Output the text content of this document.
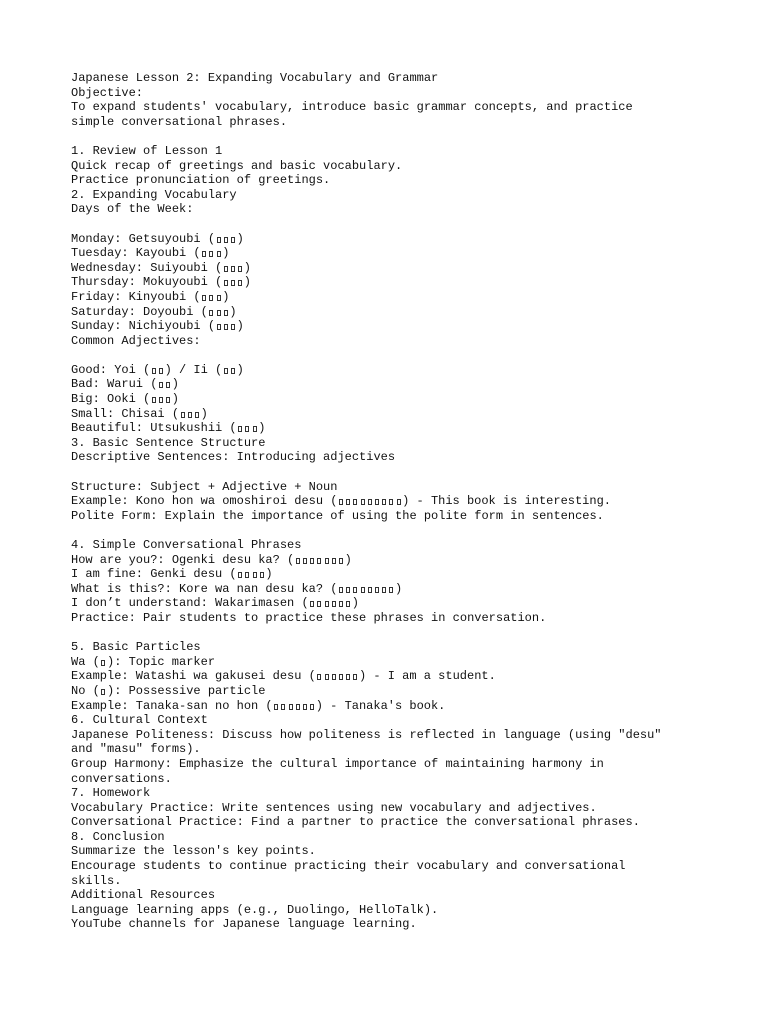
Japanese Lesson 2: Expanding Vocabulary and Grammar
Objective:
To expand students' vocabulary, introduce basic grammar concepts, and practice
simple conversational phrases.
1. Review of Lesson 1
Quick recap of greetings and basic vocabulary.
Practice pronunciation of greetings.
2. Expanding Vocabulary
Days of the Week:
Monday: Getsuyoubi ( )
Tuesday: Kayoubi ( )
Wednesday: Suiyoubi ( )
Thursday: Mokuyoubi ( )
Friday: Kinyoubi ( )
Saturday: Doyoubi ( )
Sunday: Nichiyoubi ( )
Common Adjectives:
Good: Yoi ( ) / Ii ( )
Bad: Warui ( )
Big: Ooki ( )
Small: Chisai ( )
Beautiful: Utsukushii ( )
3. Basic Sentence Structure
Descriptive Sentences: Introducing adjectives
Structure: Subject + Adjective + Noun
Example: Kono hon wa omoshiroi desu (	) - This book is interesting.
Polite Form: Explain the importance of using the polite form in sentences.
4. Simple Conversational Phrases
How are you?: Ogenki desu ka? (	)
I am fine: Genki desu ( )
What is this?: Kore wa nan desu ka? (	)
I don’t understand: Wakarimasen (	)
Practice: Pair students to practice these phrases in conversation.
5. Basic Particles
Wa ( ): Topic marker
Example: Watashi wa gakusei desu (	) - I am a student.
No ( ): Possessive particle
Example: Tanaka-san no hon (	) - Tanaka's book.
6. Cultural Context
Japanese Politeness: Discuss how politeness is reflected in language (using "desu"
and "masu" forms).
Group Harmony: Emphasize the cultural importance of maintaining harmony in
conversations.
7. Homework
Vocabulary Practice: Write sentences using new vocabulary and adjectives.
Conversational Practice: Find a partner to practice the conversational phrases.
8. Conclusion
Summarize the lesson's key points.
Encourage students to continue practicing their vocabulary and conversational
skills.
Additional Resources
Language learning apps (e.g., Duolingo, HelloTalk).
YouTube channels for Japanese language learning.
